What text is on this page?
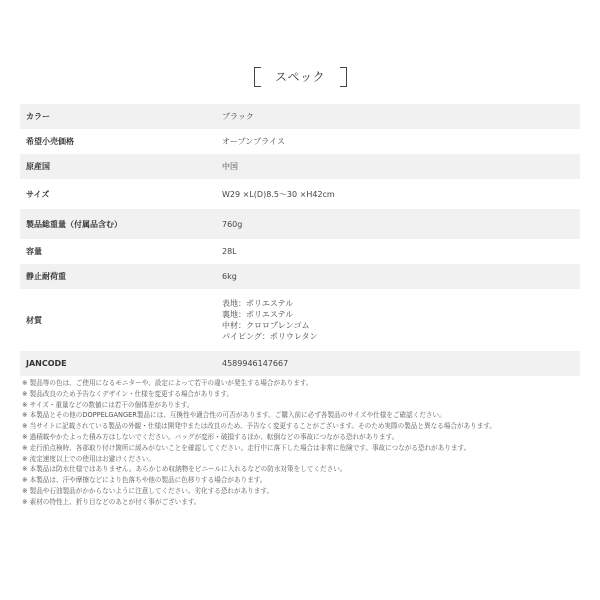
スペック
カラー	ブラック
希望小売価格	オープンプライス
原産国	中国
サイズ	W29 ×L(D)8.5～30 ×H42cm
製品総重量（付属品含む）	760g
容量	28L
静止耐荷重	6kg
材質	表地：ポリエステル
裏地：ポリエステル
中材：クロロプレンゴム
パイピング：ポリウレタン

JANCODE	4589946147667
※ 製品等の色は、ご使用になるモニターや、設定によって若干の違いが発生する場合があります。
※ 製品改良のため予告なくデザイン・仕様を変更する場合があります。
※ サイズ・重量などの数値には若干の個体差があります。
※ 本製品とその他のDOPPELGANGER製品には、互換性や適合性の可否があります。ご購入前に必ず各製品のサイズや仕様をご確認ください。
※ 当サイトに記載されている製品の外観・仕様は開発中または改良のため、予告なく変更することがございます。そのため実際の製品と異なる場合があります。
※ 過積載やかたよった積み方はしないでください。バッグが変形・破損するほか、転倒などの事故につながる恐れがあります。
※ 走行前点検時、各部取り付け箇所に緩みがないことを確認してください。走行中に落下した場合は非常に危険です。事故につながる恐れがあります。
※ 流定速度以上での使用はお避けください。
※ 本製品は防水仕様ではありません。あらかじめ収納物をビニールに入れるなどの防水対策をしてください。
※ 本製品は、汗や摩擦などにより色落ちや他の製品に色移りする場合があります。
※ 製品や石油製品がかからないように注意してください。劣化する恐れがあります。
※ 素材の特性上、折り目などのあとが付く事がございます。
